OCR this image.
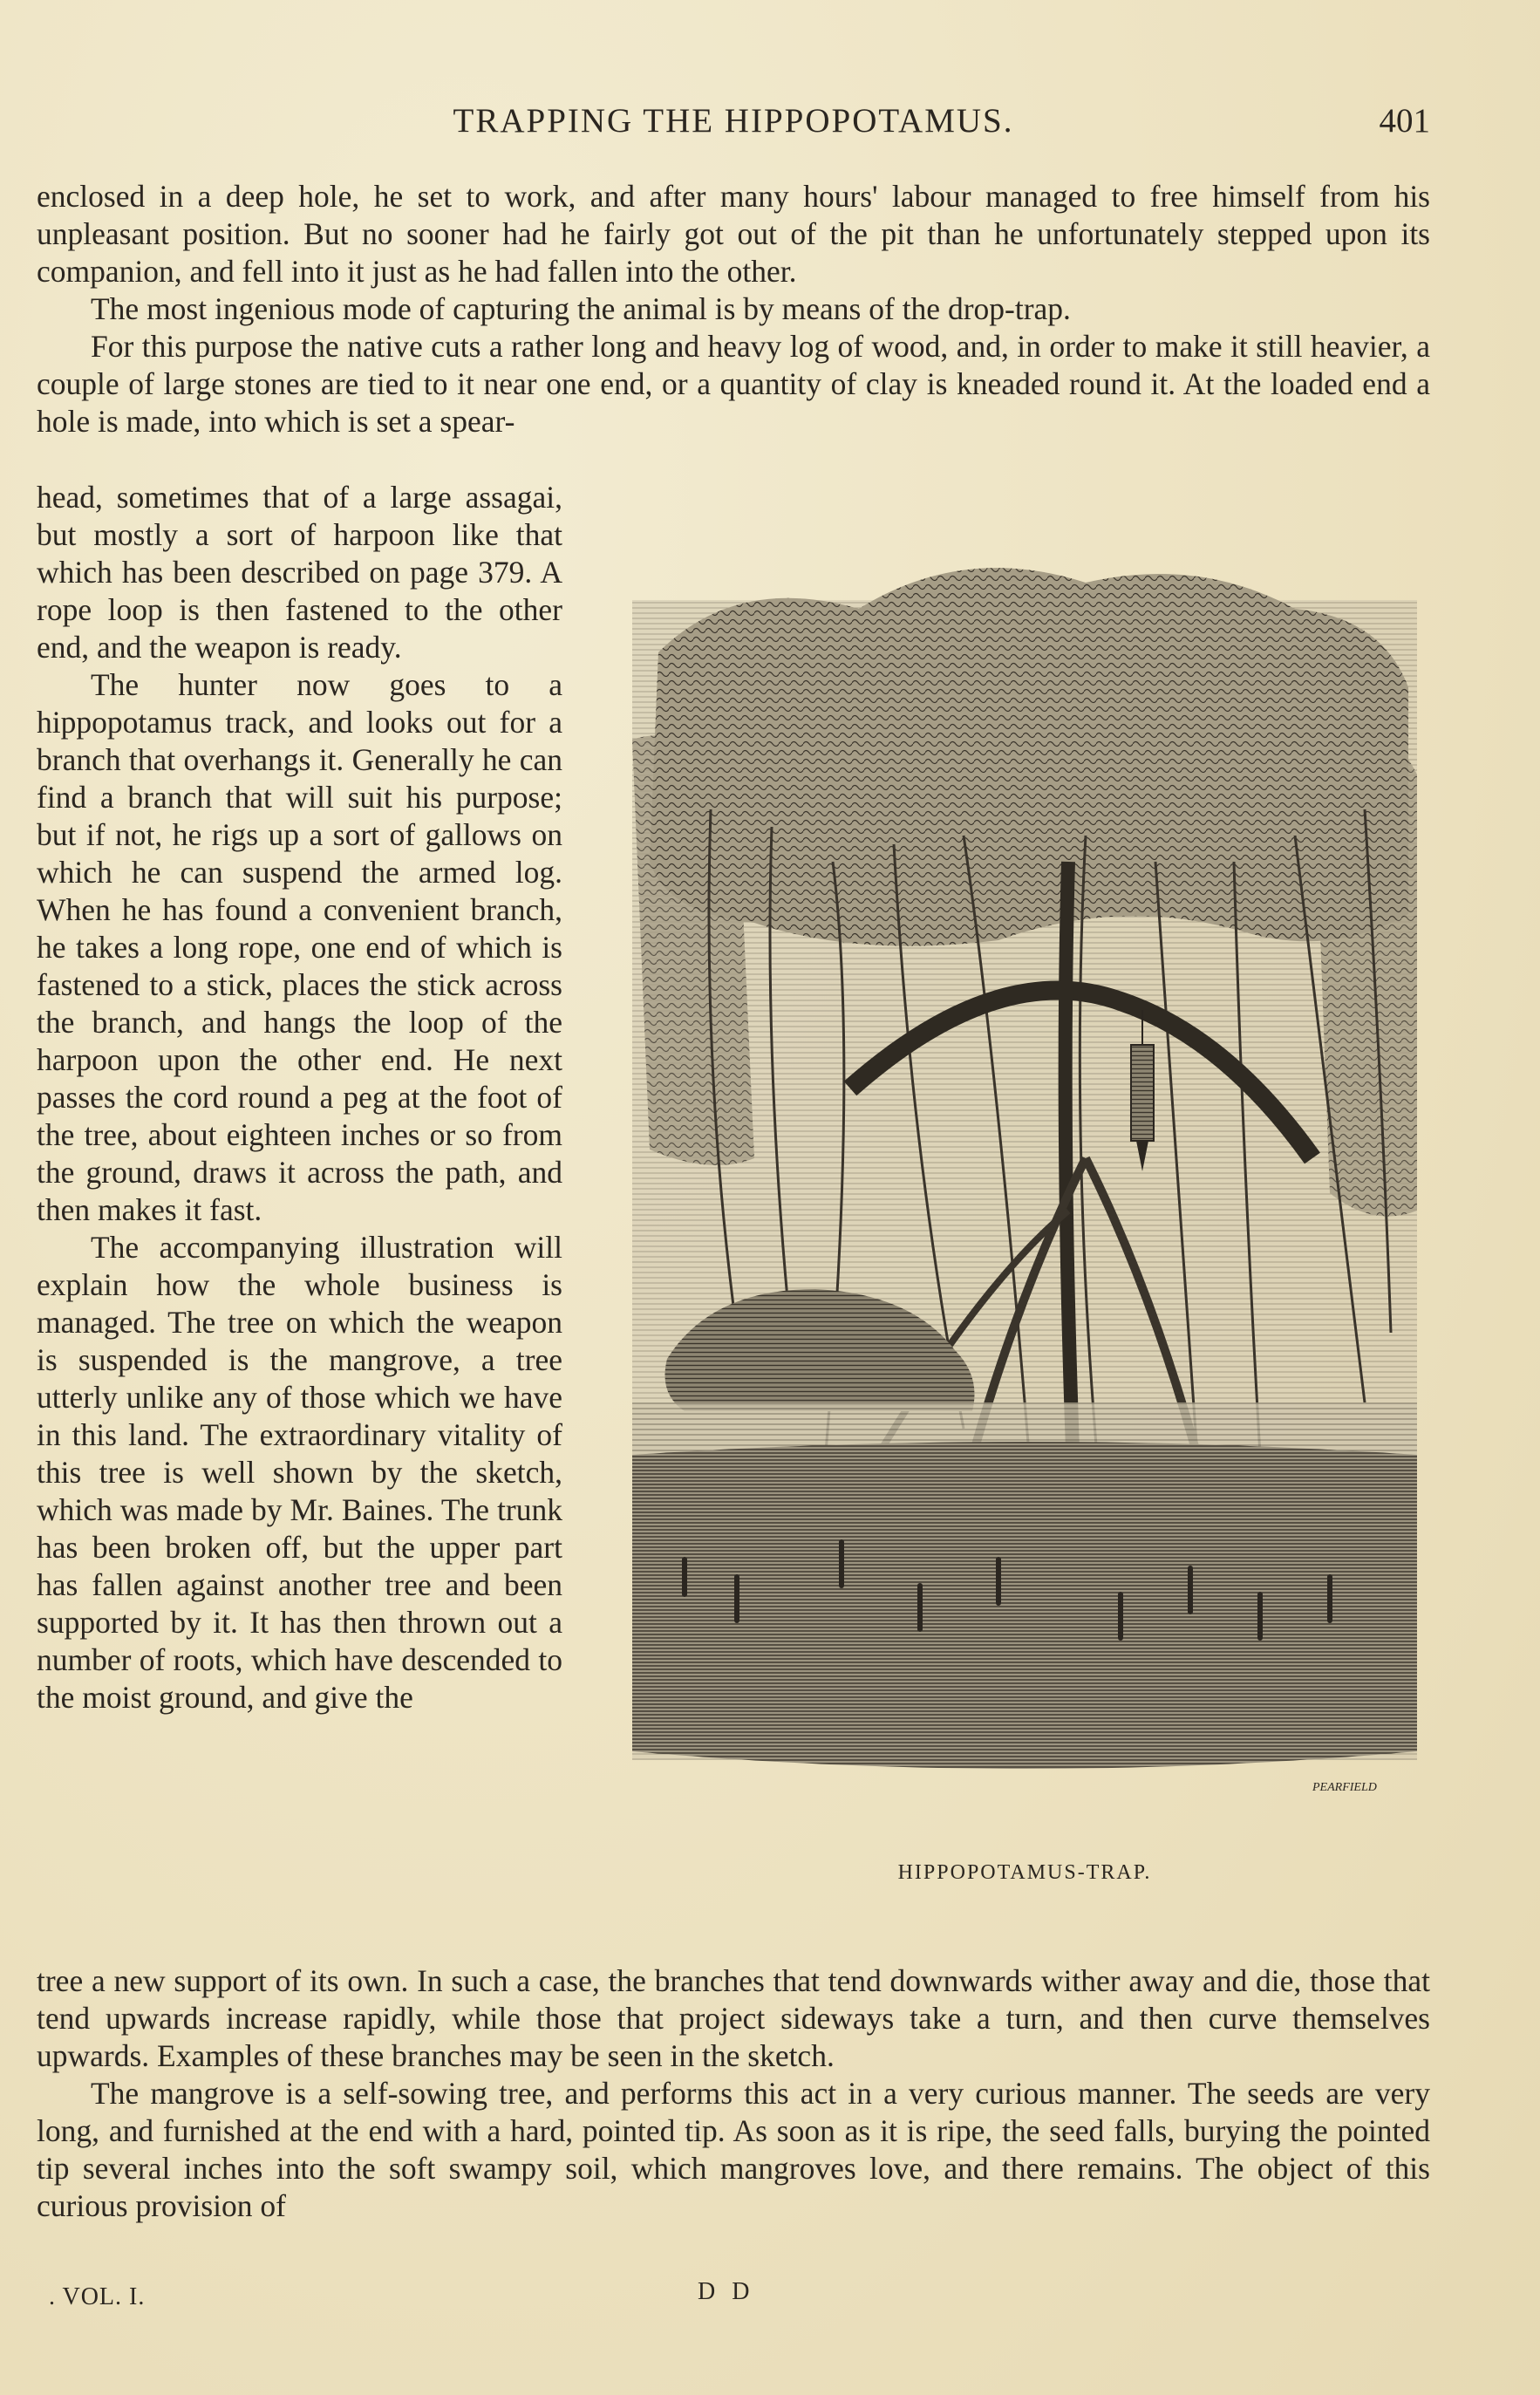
TRAPPING THE HIPPOPOTAMUS.	401

enclosed in a deep hole, he set to work, and after many hours' labour managed to free himself from his unpleasant position. But no sooner had he fairly got out of the pit than he unfortunately stepped upon its companion, and fell into it just as he had fallen into the other.

The most ingenious mode of capturing the animal is by means of the drop-trap.

For this purpose the native cuts a rather long and heavy log of wood, and, in order to make it still heavier, a couple of large stones are tied to it near one end, or a quantity of clay is kneaded round it. At the loaded end a hole is made, into which is set a spear-

head, sometimes that of a large assagai, but mostly a sort of harpoon like that which has been described on page 379. A rope loop is then fastened to the other end, and the weapon is ready.

The hunter now goes to a hippopotamus track, and looks out for a branch that overhangs it. Generally he can find a branch that will suit his purpose; but if not, he rigs up a sort of gallows on which he can suspend the armed log. When he has found a convenient branch, he takes a long rope, one end of which is fastened to a stick, places the stick across the branch, and hangs the loop of the harpoon upon the other end. He next passes the cord round a peg at the foot of the tree, about eighteen inches or so from the ground, draws it across the path, and then makes it fast.

The accompanying illustration will explain how the whole business is managed. The tree on which the weapon is suspended is the mangrove, a tree utterly unlike any of those which we have in this land. The extraordinary vitality of this tree is well shown by the sketch, which was made by Mr. Baines. The trunk has been broken off, but the upper part has fallen against another tree and been supported by it. It has then thrown out a number of roots, which have descended to the moist ground, and give the

PEARFIELD
HIPPOPOTAMUS-TRAP.

tree a new support of its own. In such a case, the branches that tend downwards wither away and die, those that tend upwards increase rapidly, while those that project sideways take a turn, and then curve themselves upwards. Examples of these branches may be seen in the sketch.

The mangrove is a self-sowing tree, and performs this act in a very curious manner. The seeds are very long, and furnished at the end with a hard, pointed tip. As soon as it is ripe, the seed falls, burying the pointed tip several inches into the soft swampy soil, which mangroves love, and there remains. The object of this curious provision of

. VOL. I.	D D
